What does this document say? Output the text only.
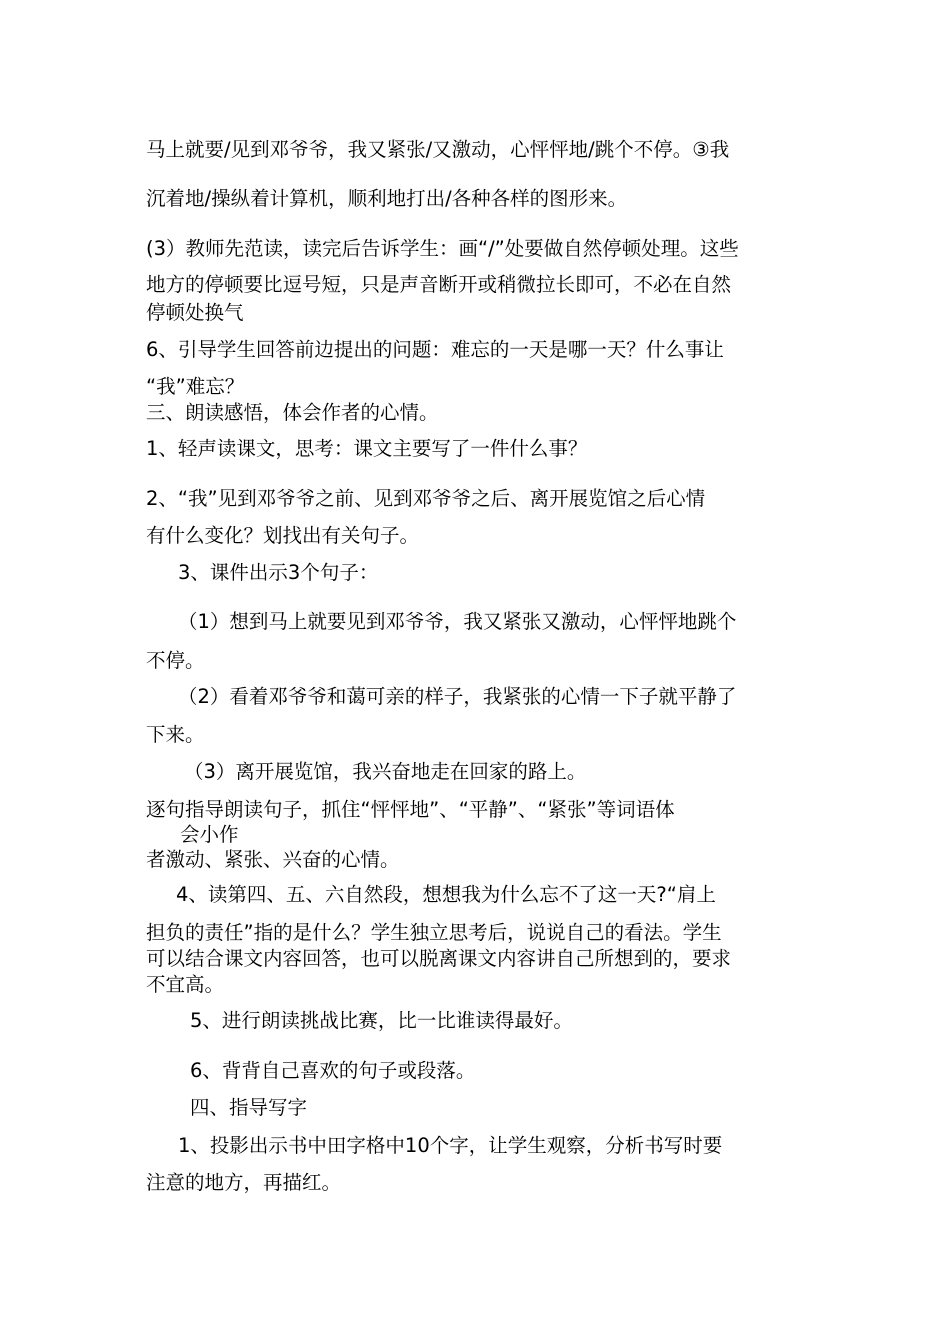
马上就要/见到邓爷爷，我又紧张/又激动，心怦怦地/跳个不停。③我

沉着地/操纵着计算机，顺利地打出/各种各样的图形来。

(3）教师先范读，读完后告诉学生：画“/”处要做自然停顿处理。这些

地方的停顿要比逗号短，只是声音断开或稍微拉长即可，不必在自然

停顿处换气

6、引导学生回答前边提出的问题：难忘的一天是哪一天？什么事让

“我”难忘？

三、朗读感悟，体会作者的心情。

1、轻声读课文，思考：课文主要写了一件什么事？

2、“我”见到邓爷爷之前、见到邓爷爷之后、离开展览馆之后心情

有什么变化？划找出有关句子。

3、课件出示3个句子：

（1）想到马上就要见到邓爷爷，我又紧张又激动，心怦怦地跳个

不停。

（2）看着邓爷爷和蔼可亲的样子，我紧张的心情一下子就平静了

下来。

（3）离开展览馆，我兴奋地走在回家的路上。

逐句指导朗读句子，抓住“怦怦地”、“平静”、“紧张”等词语体

会小作

者激动、紧张、兴奋的心情。

4、读第四、五、六自然段，想想我为什么忘不了这一天?“肩上

担负的责任”指的是什么？学生独立思考后，说说自己的看法。学生

可以结合课文内容回答，也可以脱离课文内容讲自己所想到的，要求

不宜高。

5、进行朗读挑战比赛，比一比谁读得最好。

6、背背自己喜欢的句子或段落。

四、指导写字

1、投影出示书中田字格中10个字，让学生观察，分析书写时要

注意的地方，再描红。
